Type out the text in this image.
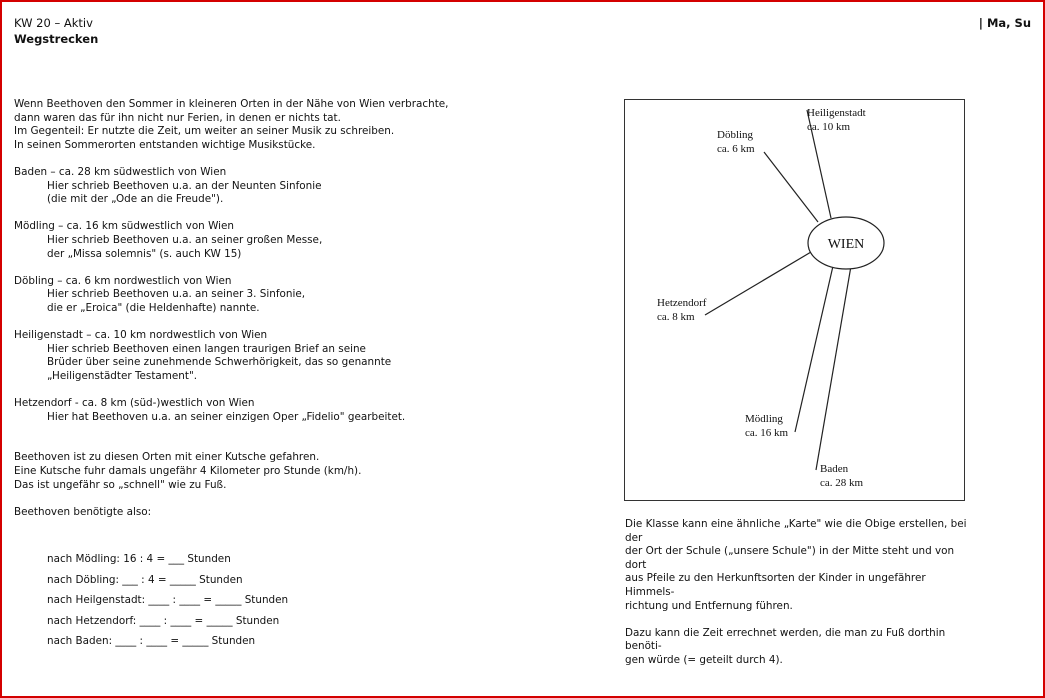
KW 20 – Aktiv
Wegstrecken
| Ma, Su

Wenn Beethoven den Sommer in kleineren Orten in der Nähe von Wien verbrachte,

dann waren das für ihn nicht nur Ferien, in denen er nichts tat.

Im Gegenteil: Er nutzte die Zeit, um weiter an seiner Musik zu schreiben.

In seinen Sommerorten entstanden wichtige Musikstücke.

Baden – ca. 28 km südwestlich von Wien

Hier schrieb Beethoven u.a. an der Neunten Sinfonie

(die mit der „Ode an die Freude").

Mödling – ca. 16 km südwestlich von Wien

Hier schrieb Beethoven u.a. an seiner großen Messe,

der „Missa solemnis" (s. auch KW 15)

Döbling – ca. 6 km nordwestlich von Wien

Hier schrieb Beethoven u.a. an seiner 3. Sinfonie,

die er „Eroica" (die Heldenhafte) nannte.

Heiligenstadt – ca. 10 km nordwestlich von Wien

Hier schrieb Beethoven einen langen traurigen Brief an seine

Brüder über seine zunehmende Schwerhörigkeit, das so genannte

„Heiligenstädter Testament".

Hetzendorf - ca. 8 km (süd-)westlich von Wien

Hier hat Beethoven u.a. an seiner einzigen Oper „Fidelio" gearbeitet.

Beethoven ist zu diesen Orten mit einer Kutsche gefahren.

Eine Kutsche fuhr damals ungefähr 4 Kilometer pro Stunde (km/h).

Das ist ungefähr so „schnell" wie zu Fuß.

Beethoven benötigte also:

nach Mödling: 16 : 4 = ___ Stunden
nach Döbling: ___ : 4 = _____ Stunden
nach Heilgenstadt: ____ : ____ = _____ Stunden
nach Hetzendorf: ____ : ____ = _____ Stunden
nach Baden: ____ : ____ = _____ Stunden
WIEN
Heiligenstadt
ca. 10 km
Döbling
ca. 6 km
Hetzendorf
ca. 8 km
Mödling
ca. 16 km
Baden
ca. 28 km

Die Klasse kann eine ähnliche „Karte" wie die Obige erstellen, bei der

der Ort der Schule („unsere Schule") in der Mitte steht und von dort

aus Pfeile zu den Herkunftsorten der Kinder in ungefährer Himmels-

richtung und Entfernung führen.

Dazu kann die Zeit errechnet werden, die man zu Fuß dorthin benöti-

gen würde (= geteilt durch 4).
